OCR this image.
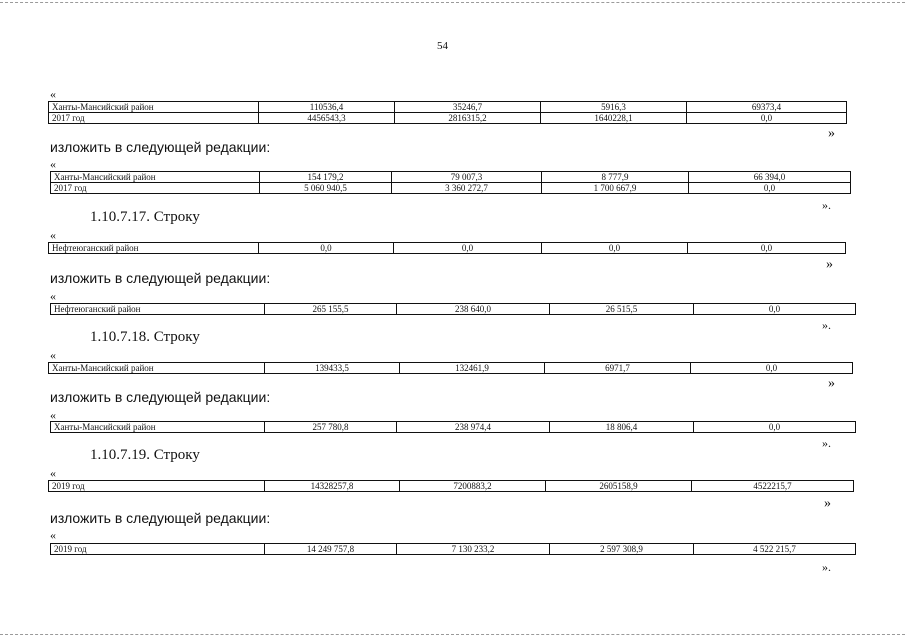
54
«
Ханты-Мансийский район	110536,4	35246,7	5916,3	69373,4
2017 год	4456543,3	2816315,2	1640228,1	0,0
»
изложить в следующей редакции:
«
Ханты-Мансийский район	154 179,2	79 007,3	8 777,9	66 394,0
2017 год	5 060 940,5	3 360 272,7	1 700 667,9	0,0
».
1.10.7.17. Строку
«
Нефтеюганский район	0,0	0,0	0,0	0,0
»
изложить в следующей редакции:
«
Нефтеюганский район	265 155,5	238 640,0	26 515,5	0,0
».
1.10.7.18. Строку
«
Ханты-Мансийский район	139433,5	132461,9	6971,7	0,0
»
изложить в следующей редакции:
«
Ханты-Мансийский район	257 780,8	238 974,4	18 806,4	0,0
».
1.10.7.19. Строку
«
2019 год	14328257,8	7200883,2	2605158,9	4522215,7
»
изложить в следующей редакции:
«
2019 год	14 249 757,8	7 130 233,2	2 597 308,9	4 522 215,7
».
